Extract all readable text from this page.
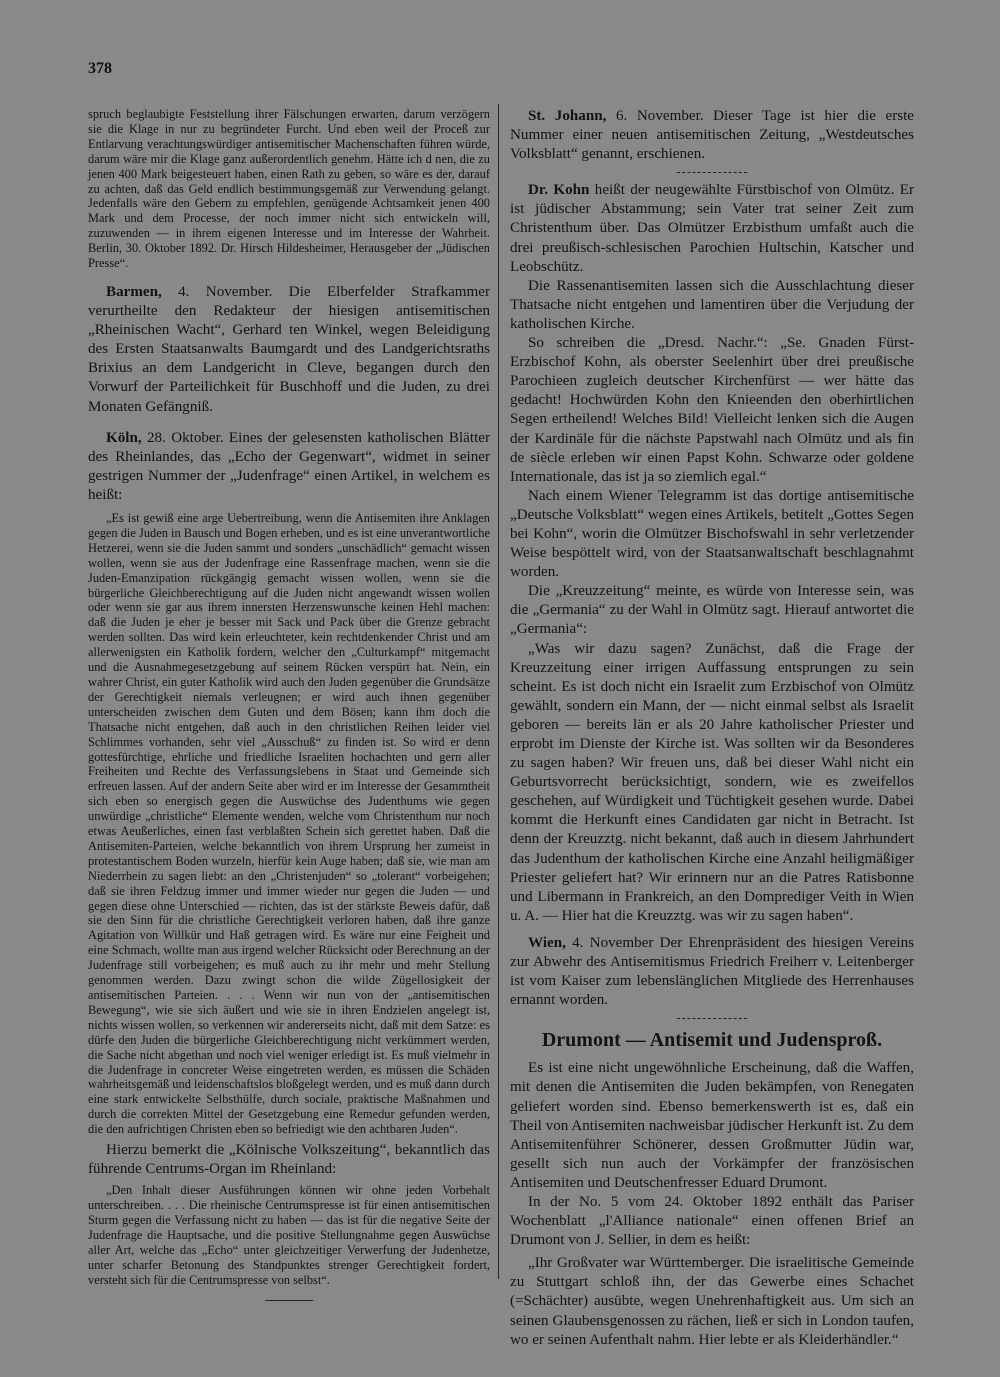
378

spruch beglaubigte Feststellung ihrer Fälschungen erwarten, darum verzögern sie die Klage in nur zu begründeter Furcht. Und eben weil der Proceß zur Entlarvung verachtungswürdiger antisemitischer Machenschaften führen würde, darum wäre mir die Klage ganz außerordentlich genehm. Hätte ich d nen, die zu jenen 400 Mark beigesteuert haben, einen Rath zu geben, so wäre es der, darauf zu achten, daß das Geld endlich bestimmungsgemäß zur Verwendung gelangt. Jedenfalls wäre den Gebern zu empfehlen, genügende Achtsamkeit jenen 400 Mark und dem Processe, der noch immer nicht sich entwickeln will, zuzuwenden — in ihrem eigenen Interesse und im Interesse der Wahrheit. Berlin, 30. Oktober 1892. Dr. Hirsch Hildesheimer, Herausgeber der „Jüdischen Presse“.

Barmen, 4. November. Die Elberfelder Strafkammer verurtheilte den Redakteur der hiesigen antisemitischen „Rheinischen Wacht“, Gerhard ten Winkel, wegen Beleidigung des Ersten Staatsanwalts Baumgardt und des Landgerichtsraths Brixius an dem Landgericht in Cleve, begangen durch den Vorwurf der Parteilichkeit für Buschhoff und die Juden, zu drei Monaten Gefängniß.

Köln, 28. Oktober. Eines der gelesensten katholischen Blätter des Rheinlandes, das „Echo der Gegenwart“, widmet in seiner gestrigen Nummer der „Judenfrage“ einen Artikel, in welchem es heißt:

„Es ist gewiß eine arge Uebertreibung, wenn die Antisemiten ihre Anklagen gegen die Juden in Bausch und Bogen erheben, und es ist eine unverantwortliche Hetzerei, wenn sie die Juden sammt und sonders „unschädlich“ gemacht wissen wollen, wenn sie aus der Judenfrage eine Rassenfrage machen, wenn sie die Juden-Emanzipation rückgängig gemacht wissen wollen, wenn sie die bürgerliche Gleichberechtigung auf die Juden nicht angewandt wissen wollen oder wenn sie gar aus ihrem innersten Herzenswunsche keinen Hehl machen: daß die Juden je eher je besser mit Sack und Pack über die Grenze gebracht werden sollten. Das wird kein erleuchteter, kein rechtdenkender Christ und am allerwenigsten ein Katholik fordern, welcher den „Culturkampf“ mitgemacht und die Ausnahmegesetzgebung auf seinem Rücken verspürt hat. Nein, ein wahrer Christ, ein guter Katholik wird auch den Juden gegenüber die Grundsätze der Gerechtigkeit niemals verleugnen; er wird auch ihnen gegenüber unterscheiden zwischen dem Guten und dem Bösen; kann ihm doch die Thatsache nicht entgehen, daß auch in den christlichen Reihen leider viel Schlimmes vorhanden, sehr viel „Ausschuß“ zu finden ist. So wird er denn gottesfürchtige, ehrliche und friedliche Israeliten hochachten und gern aller Freiheiten und Rechte des Verfassungslebens in Staat und Gemeinde sich erfreuen lassen. Auf der andern Seite aber wird er im Interesse der Gesammtheit sich eben so energisch gegen die Auswüchse des Judenthums wie gegen unwürdige „christliche“ Elemente wenden, welche vom Christenthum nur noch etwas Aeußerliches, einen fast verblaßten Schein sich gerettet haben. Daß die Antisemiten-Parteien, welche bekanntlich von ihrem Ursprung her zumeist in protestantischem Boden wurzeln, hierfür kein Auge haben; daß sie, wie man am Niederrhein zu sagen liebt: an den „Christenjuden“ so „tolerant“ vorbeigehen; daß sie ihren Feldzug immer und immer wieder nur gegen die Juden — und gegen diese ohne Unterschied — richten, das ist der stärkste Beweis dafür, daß sie den Sinn für die christliche Gerechtigkeit verloren haben, daß ihre ganze Agitation von Willkür und Haß getragen wird. Es wäre nur eine Feigheit und eine Schmach, wollte man aus irgend welcher Rücksicht oder Berechnung an der Judenfrage still vorbeigehen; es muß auch zu ihr mehr und mehr Stellung genommen werden. Dazu zwingt schon die wilde Zügellosigkeit der antisemitischen Parteien. . . . Wenn wir nun von der „antisemitischen Bewegung“, wie sie sich äußert und wie sie in ihren Endzielen angelegt ist, nichts wissen wollen, so verkennen wir andererseits nicht, daß mit dem Satze: es dürfe den Juden die bürgerliche Gleichberechtigung nicht verkümmert werden, die Sache nicht abgethan und noch viel weniger erledigt ist. Es muß vielmehr in die Judenfrage in concreter Weise eingetreten werden, es müssen die Schäden wahrheitsgemäß und leidenschaftslos bloßgelegt werden, und es muß dann durch eine stark entwickelte Selbsthülfe, durch sociale, praktische Maßnahmen und durch die correkten Mittel der Gesetzgebung eine Remedur gefunden werden, die den aufrichtigen Christen eben so befriedigt wie den achtbaren Juden“.

Hierzu bemerkt die „Kölnische Volkszeitung“, bekanntlich das führende Centrums-Organ im Rheinland:

„Den Inhalt dieser Ausführungen können wir ohne jeden Vorbehalt unterschreiben. . . . Die rheinische Centrumspresse ist für einen antisemitischen Sturm gegen die Verfassung nicht zu haben — das ist für die negative Seite der Judenfrage die Hauptsache, und die positive Stellungnahme gegen Auswüchse aller Art, welche das „Echo“ unter gleichzeitiger Verwerfung der Judenhetze, unter scharfer Betonung des Standpunktes strenger Gerechtigkeit fordert, versteht sich für die Centrumspresse von selbst“.

St. Johann, 6. November. Dieser Tage ist hier die erste Nummer einer neuen antisemitischen Zeitung, „Westdeutsches Volksblatt“ genannt, erschienen.

Dr. Kohn heißt der neugewählte Fürstbischof von Olmütz. Er ist jüdischer Abstammung; sein Vater trat seiner Zeit zum Christenthum über. Das Olmützer Erzbisthum umfaßt auch die drei preußisch-schlesischen Parochien Hultschin, Katscher und Leobschütz.

Die Rassenantisemiten lassen sich die Ausschlachtung dieser Thatsache nicht entgehen und lamentiren über die Verjudung der katholischen Kirche.

So schreiben die „Dresd. Nachr.“: „Se. Gnaden Fürst-Erzbischof Kohn, als oberster Seelenhirt über drei preußische Parochieen zugleich deutscher Kirchenfürst — wer hätte das gedacht! Hochwürden Kohn den Knieenden den oberhirtlichen Segen ertheilend! Welches Bild! Vielleicht lenken sich die Augen der Kardinäle für die nächste Papstwahl nach Olmütz und als fin de siècle erleben wir einen Papst Kohn. Schwarze oder goldene Internationale, das ist ja so ziemlich egal.“

Nach einem Wiener Telegramm ist das dortige antisemitische „Deutsche Volksblatt“ wegen eines Artikels, betitelt „Gottes Segen bei Kohn“, worin die Olmützer Bischofswahl in sehr verletzender Weise bespöttelt wird, von der Staatsanwaltschaft beschlagnahmt worden.

Die „Kreuzzeitung“ meinte, es würde von Interesse sein, was die „Germania“ zu der Wahl in Olmütz sagt. Hierauf antwortet die „Germania“:

„Was wir dazu sagen? Zunächst, daß die Frage der Kreuzzeitung einer irrigen Auffassung entsprungen zu sein scheint. Es ist doch nicht ein Israelit zum Erzbischof von Olmütz gewählt, sondern ein Mann, der — nicht einmal selbst als Israelit geboren — bereits län er als 20 Jahre katholischer Priester und erprobt im Dienste der Kirche ist. Was sollten wir da Besonderes zu sagen haben? Wir freuen uns, daß bei dieser Wahl nicht ein Geburtsvorrecht berücksichtigt, sondern, wie es zweifellos geschehen, auf Würdigkeit und Tüchtigkeit gesehen wurde. Dabei kommt die Herkunft eines Candidaten gar nicht in Betracht. Ist denn der Kreuzztg. nicht bekannt, daß auch in diesem Jahrhundert das Judenthum der katholischen Kirche eine Anzahl heiligmäßiger Priester geliefert hat? Wir erinnern nur an die Patres Ratisbonne und Libermann in Frankreich, an den Domprediger Veith in Wien u. A. — Hier hat die Kreuzztg. was wir zu sagen haben“.

Wien, 4. November Der Ehrenpräsident des hiesigen Vereins zur Abwehr des Antisemitismus Friedrich Freiherr v. Leitenberger ist vom Kaiser zum lebenslänglichen Mitgliede des Herrenhauses ernannt worden.

Drumont — Antisemit und Judensproß.

Es ist eine nicht ungewöhnliche Erscheinung, daß die Waffen, mit denen die Antisemiten die Juden bekämpfen, von Renegaten geliefert worden sind. Ebenso bemerkenswerth ist es, daß ein Theil von Antisemiten nachweisbar jüdischer Herkunft ist. Zu dem Antisemitenführer Schönerer, dessen Großmutter Jüdin war, gesellt sich nun auch der Vorkämpfer der französischen Antisemiten und Deutschenfresser Eduard Drumont.

In der No. 5 vom 24. Oktober 1892 enthält das Pariser Wochenblatt „l'Alliance nationale“ einen offenen Brief an Drumont von J. Sellier, in dem es heißt:

„Ihr Großvater war Württemberger. Die israelitische Gemeinde zu Stuttgart schloß ihn, der das Gewerbe eines Schachet (=Schächter) ausübte, wegen Unehrenhaftigkeit aus. Um sich an seinen Glaubensgenossen zu rächen, ließ er sich in London taufen, wo er seinen Aufenthalt nahm. Hier lebte er als Kleiderhändler.“
